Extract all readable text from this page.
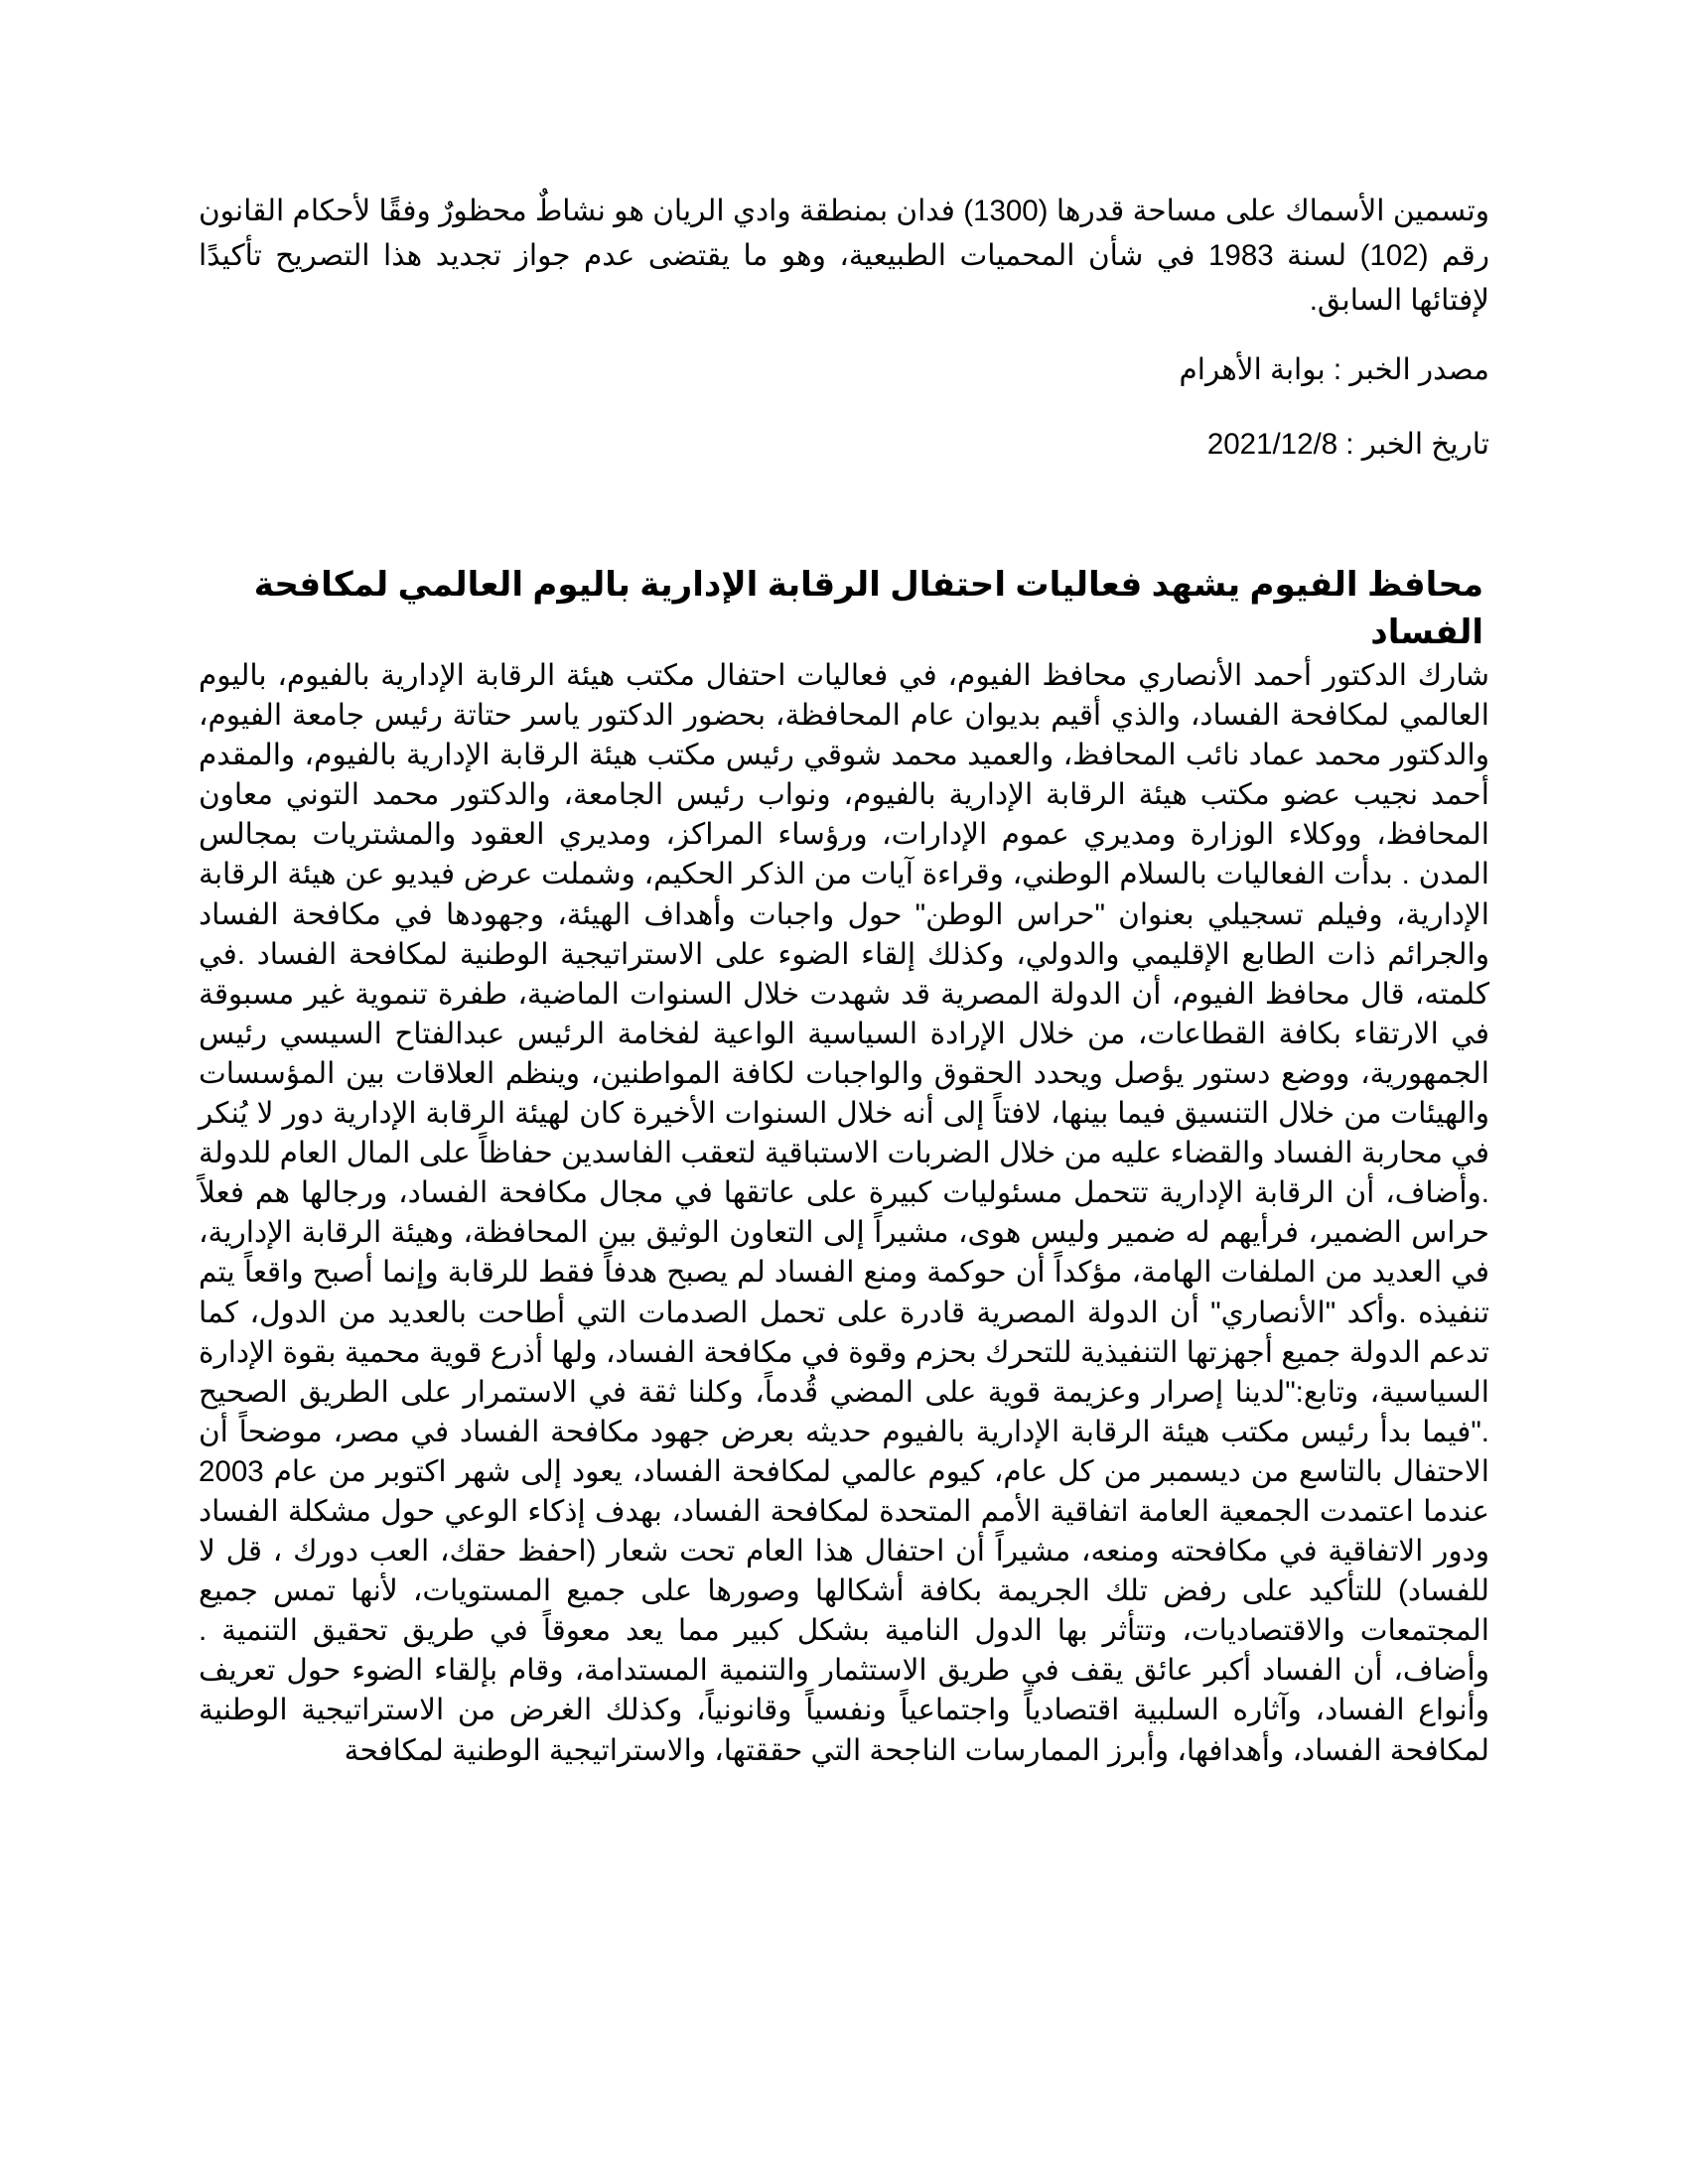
وتسمين الأسماك على مساحة قدرها (1300) فدان بمنطقة وادي الريان هو نشاطٌ محظورٌ وفقًا لأحكام القانون رقم (102) لسنة 1983 في شأن المحميات الطبيعية، وهو ما يقتضى عدم جواز تجديد هذا التصريح تأكيدًا لإفتائها السابق.

مصدر الخبر : بوابة الأهرام

تاريخ الخبر : 2021/12/8

محافظ الفيوم يشهد فعاليات احتفال الرقابة الإدارية باليوم العالمي لمكافحة الفساد

شارك الدكتور أحمد الأنصاري محافظ الفيوم، في فعاليات احتفال مكتب هيئة الرقابة الإدارية بالفيوم، باليوم العالمي لمكافحة الفساد، والذي أقيم بديوان عام المحافظة، بحضور الدكتور ياسر حتاتة رئيس جامعة الفيوم، والدكتور محمد عماد نائب المحافظ، والعميد محمد شوقي رئيس مكتب هيئة الرقابة الإدارية بالفيوم، والمقدم أحمد نجيب عضو مكتب هيئة الرقابة الإدارية بالفيوم، ونواب رئيس الجامعة، والدكتور محمد التوني معاون المحافظ، ووكلاء الوزارة ومديري عموم الإدارات، ورؤساء المراكز، ومديري العقود والمشتريات بمجالس المدن . بدأت الفعاليات بالسلام الوطني، وقراءة آيات من الذكر الحكيم، وشملت عرض فيديو عن هيئة الرقابة الإدارية، وفيلم تسجيلي بعنوان "حراس الوطن" حول واجبات وأهداف الهيئة، وجهودها في مكافحة الفساد والجرائم ذات الطابع الإقليمي والدولي، وكذلك إلقاء الضوء على الاستراتيجية الوطنية لمكافحة الفساد .في كلمته، قال محافظ الفيوم، أن الدولة المصرية قد شهدت خلال السنوات الماضية، طفرة تنموية غير مسبوقة في الارتقاء بكافة القطاعات، من خلال الإرادة السياسية الواعية لفخامة الرئيس عبدالفتاح السيسي رئيس الجمهورية، ووضع دستور يؤصل ويحدد الحقوق والواجبات لكافة المواطنين، وينظم العلاقات بين المؤسسات والهيئات من خلال التنسيق فيما بينها، لافتاً إلى أنه خلال السنوات الأخيرة كان لهيئة الرقابة الإدارية دور لا يُنكر في محاربة الفساد والقضاء عليه من خلال الضربات الاستباقية لتعقب الفاسدين حفاظاً على المال العام للدولة .وأضاف، أن الرقابة الإدارية تتحمل مسئوليات كبيرة على عاتقها في مجال مكافحة الفساد، ورجالها هم فعلاً حراس الضمير، فرأيهم له ضمير وليس هوى، مشيراً إلى التعاون الوثيق بين المحافظة، وهيئة الرقابة الإدارية، في العديد من الملفات الهامة، مؤكداً أن حوكمة ومنع الفساد لم يصبح هدفاً فقط للرقابة وإنما أصبح واقعاً يتم تنفيذه .وأكد "الأنصاري" أن الدولة المصرية قادرة على تحمل الصدمات التي أطاحت بالعديد من الدول، كما تدعم الدولة جميع أجهزتها التنفيذية للتحرك بحزم وقوة في مكافحة الفساد، ولها أذرع قوية محمية بقوة الإدارة السياسية، وتابع:"لدينا إصرار وعزيمة قوية على المضي قُدماً، وكلنا ثقة في الاستمرار على الطريق الصحيح ."فيما بدأ رئيس مكتب هيئة الرقابة الإدارية بالفيوم حديثه بعرض جهود مكافحة الفساد في مصر، موضحاً أن الاحتفال بالتاسع من ديسمبر من كل عام، كيوم عالمي لمكافحة الفساد، يعود إلى شهر اكتوبر من عام 2003 عندما اعتمدت الجمعية العامة اتفاقية الأمم المتحدة لمكافحة الفساد، بهدف إذكاء الوعي حول مشكلة الفساد ودور الاتفاقية في مكافحته ومنعه، مشيراً أن احتفال هذا العام تحت شعار (احفظ حقك، العب دورك ، قل لا للفساد) للتأكيد على رفض تلك الجريمة بكافة أشكالها وصورها على جميع المستويات، لأنها تمس جميع المجتمعات والاقتصاديات، وتتأثر بها الدول النامية بشكل كبير مما يعد معوقاً في طريق تحقيق التنمية . وأضاف، أن الفساد أكبر عائق يقف في طريق الاستثمار والتنمية المستدامة، وقام بإلقاء الضوء حول تعريف وأنواع الفساد، وآثاره السلبية اقتصادياً واجتماعياً ونفسياً وقانونياً، وكذلك الغرض من الاستراتيجية الوطنية لمكافحة الفساد، وأهدافها، وأبرز الممارسات الناجحة التي حققتها، والاستراتيجية الوطنية لمكافحة
